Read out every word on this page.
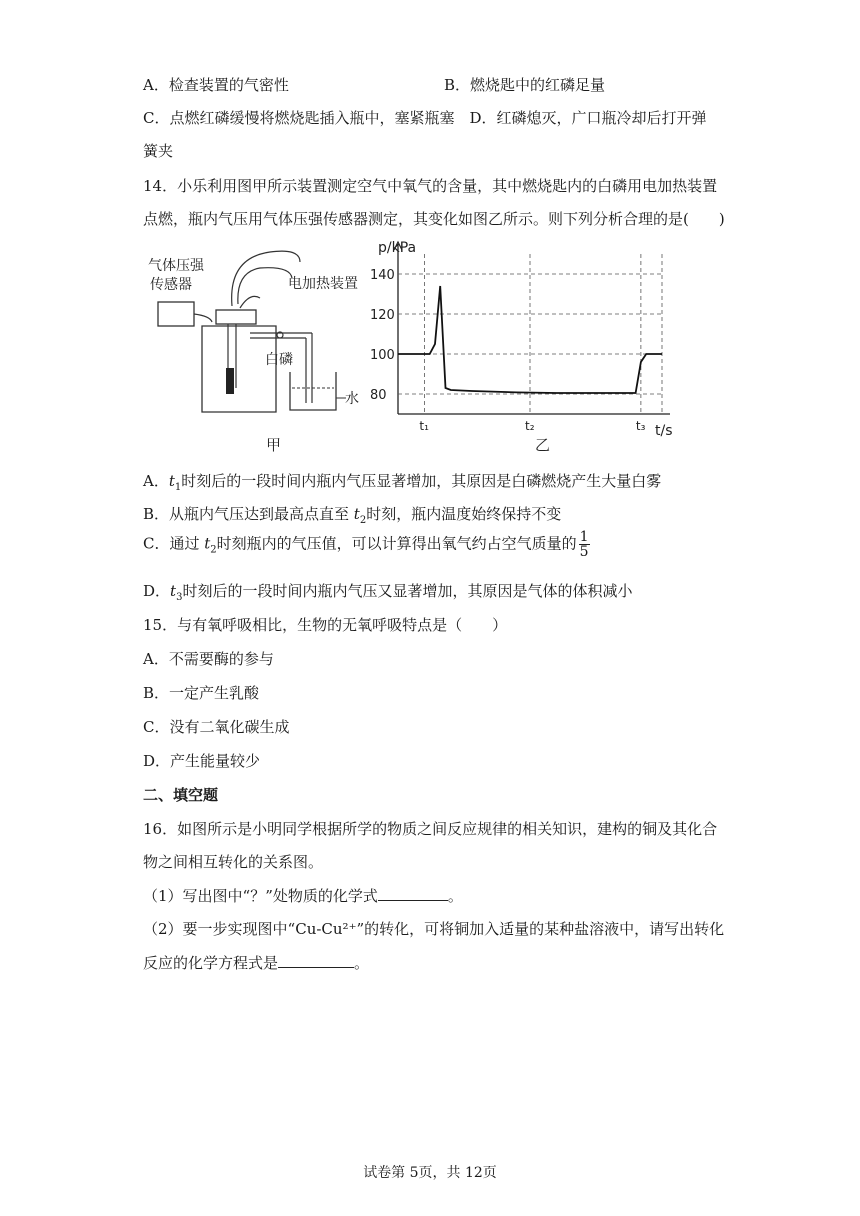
A．检查装置的气密性	B．燃烧匙中的红磷足量
C．点燃红磷缓慢将燃烧匙插入瓶中，塞紧瓶塞　D．红磷熄灭，广口瓶冷却后打开弹
簧夹
14．小乐利用图甲所示装置测定空气中氧气的含量，其中燃烧匙内的白磷用电加热装置
点燃，瓶内气压用气体压强传感器测定，其变化如图乙所示。则下列分析合理的是(　　)
气体压强
传感器	电加热装置
白磷
水
甲
p/kPa
t/s
乙
80
100
120
140
t₁	t₂	t₃
A．$t_1$时刻后的一段时间内瓶内气压显著增加，其原因是白磷燃烧产生大量白雾
B．从瓶内气压达到最高点直至 $t_2$时刻，瓶内温度始终保持不变
C．通过 $t_2$时刻瓶内的气压值，可以计算得出氧气约占空气质量的 $\frac{1}{5}$
D．$t_3$时刻后的一段时间内瓶内气压又显著增加，其原因是气体的体积减小
15．与有氧呼吸相比，生物的无氧呼吸特点是（　　）
A．不需要酶的参与
B．一定产生乳酸
C．没有二氧化碳生成
D．产生能量较少
二、填空题
16．如图所示是小明同学根据所学的物质之间反应规律的相关知识，建构的铜及其化合
物之间相互转化的关系图。
（1）写出图中“？”处物质的化学式	。
（2）要一步实现图中“Cu-Cu²⁺”的转化，可将铜加入适量的某种盐溶液中，请写出转化
反应的化学方程式是	。
试卷第 5页，共 12页
